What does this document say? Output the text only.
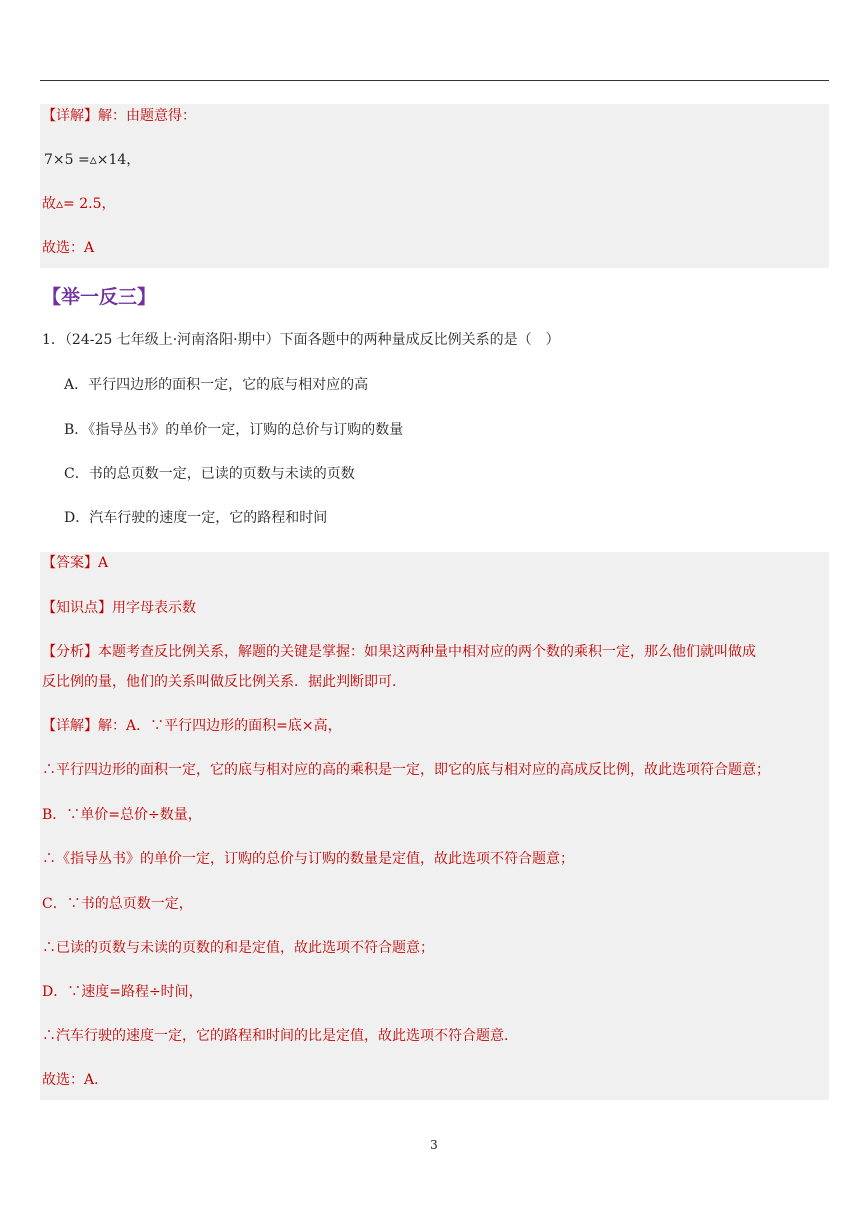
【详解】解：由题意得：
7×5 =▵×14，
故▵= 2.5，
故选：A
【举一反三】
1．（24-25 七年级上·河南洛阳·期中）下面各题中的两种量成反比例关系的是（　）
A．平行四边形的面积一定，它的底与相对应的高
B．《指导丛书》的单价一定，订购的总价与订购的数量
C．书的总页数一定，已读的页数与未读的页数
D．汽车行驶的速度一定，它的路程和时间
【答案】A
【知识点】用字母表示数
【分析】本题考查反比例关系，解题的关键是掌握：如果这两种量中相对应的两个数的乘积一定，那么他们就叫做成
反比例的量，他们的关系叫做反比例关系．据此判断即可．
【详解】解：A．∵平行四边形的面积=底×高，
∴平行四边形的面积一定，它的底与相对应的高的乘积是一定，即它的底与相对应的高成反比例，故此选项符合题意；
B．∵单价=总价÷数量，
∴《指导丛书》的单价一定，订购的总价与订购的数量是定值，故此选项不符合题意；
C．∵书的总页数一定，
∴已读的页数与未读的页数的和是定值，故此选项不符合题意；
D．∵速度=路程÷时间，
∴汽车行驶的速度一定，它的路程和时间的比是定值，故此选项不符合题意．
故选：A．
3
